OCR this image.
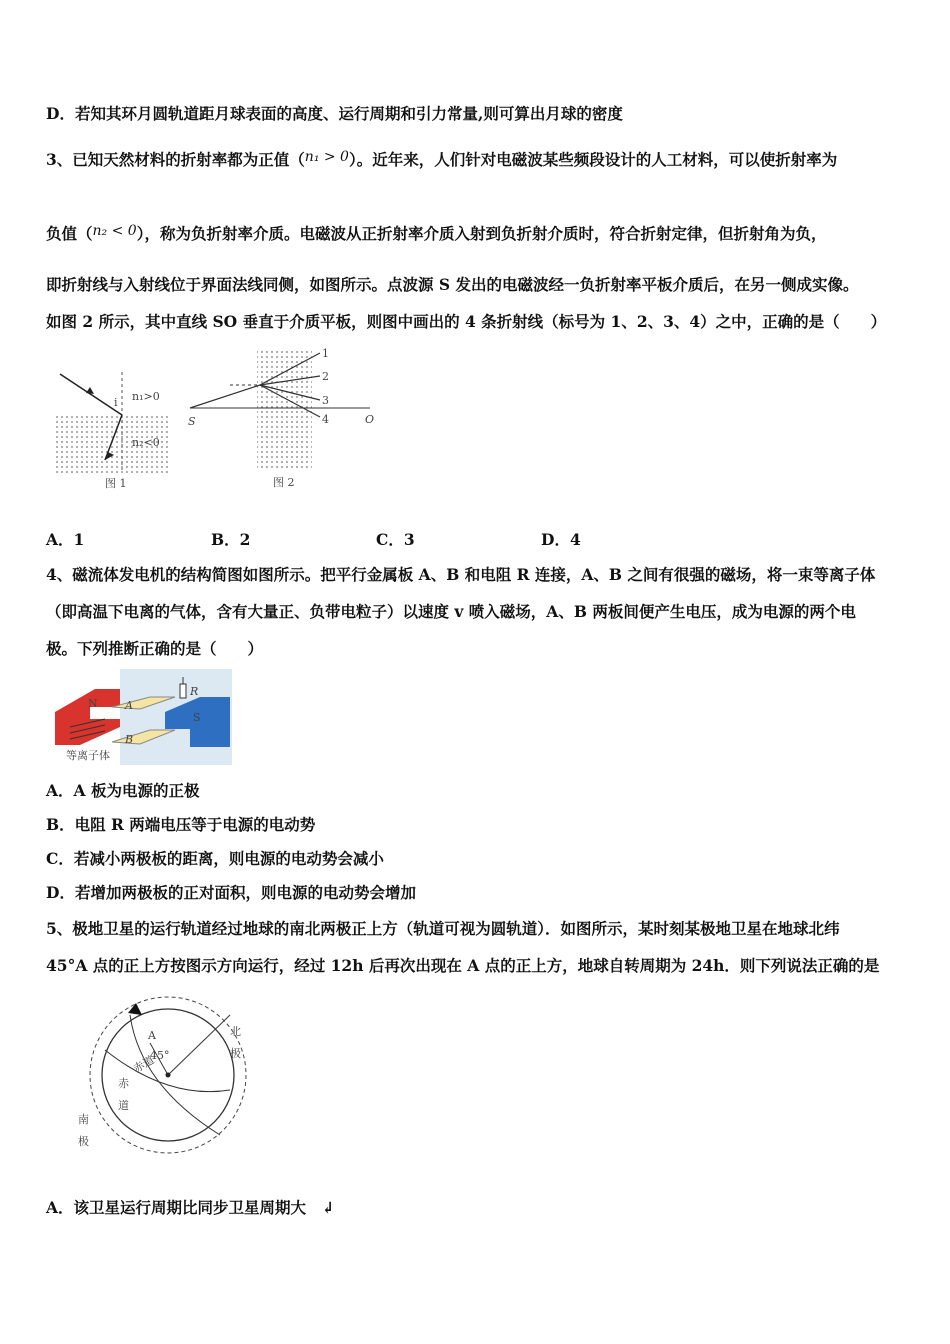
D．若知其环月圆轨道距月球表面的高度、运行周期和引力常量,则可算出月球的密度
3、已知天然材料的折射率都为正值（n₁ > 0）。近年来，人们针对电磁波某些频段设计的人工材料，可以使折射率为
负值（n₂ < 0），称为负折射率介质。电磁波从正折射率介质入射到负折射介质时，符合折射定律，但折射角为负，
即折射线与入射线位于界面法线同侧，如图所示。点波源 S 发出的电磁波经一负折射率平板介质后，在另一侧成实像。
如图 2 所示，其中直线 SO 垂直于介质平板，则图中画出的 4 条折射线（标号为 1、2、3、4）之中，正确的是（　　）
n₁>0
n₂<0
i
图 1
1
2
3
4
S	O
图 2
A．1	B．2	C．3	D．4
4、磁流体发电机的结构简图如图所示。把平行金属板 A、B 和电阻 R 连接，A、B 之间有很强的磁场，将一束等离子体
（即高温下电离的气体，含有大量正、负带电粒子）以速度 v 喷入磁场，A、B 两板间便产生电压，成为电源的两个电
极。下列推断正确的是（　　）
N
S
A
B
R
等离子体
A．A 板为电源的正极
B．电阻 R 两端电压等于电源的电动势
C．若减小两极板的距离，则电源的电动势会减小
D．若增加两极板的正对面积，则电源的电动势会增加
5、极地卫星的运行轨道经过地球的南北两极正上方（轨道可视为圆轨道）．如图所示，某时刻某极地卫星在地球北纬
45°A 点的正上方按图示方向运行，经过 12h 后再次出现在 A 点的正上方，地球自转周期为 24h．则下列说法正确的是
A
45°
北
极
南
极
赤
道
赤道
A．该卫星运行周期比同步卫星周期大 ↲
